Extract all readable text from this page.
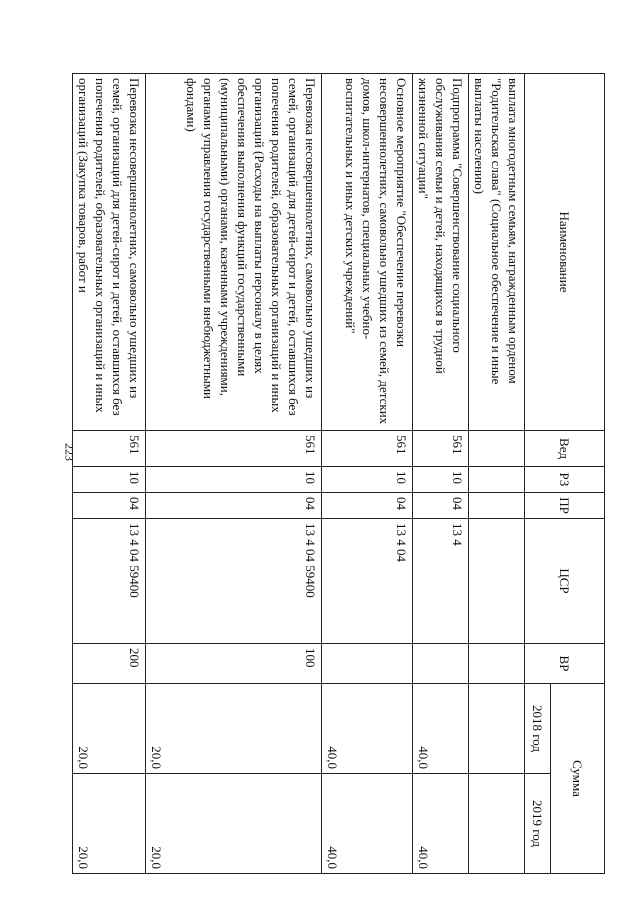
223
Наименование	Вед	РЗ	ПР	ЦСР	ВР	Сумма	
						2018 год	2019 год
выплата многодетным семьям, награжденным орденом "Родительская слава" (Социальное обеспечение и иные выплаты населению)							
Подпрограмма "Совершенствование социального обслуживания семьи и детей, находящихся в трудной жизненной ситуации"	561	10	04	13 4		40,0	40,0
Основное мероприятие "Обеспечение перевозки несовершеннолетних, самовольно ушедших из семей, детских домов, школ-интернатов, специальных учебно-воспитательных и иных детских учреждений"	561	10	04	13 4 04		40,0	40,0
Перевозка несовершеннолетних, самовольно ушедших из семей, организаций для детей-сирот и детей, оставшихся без попечения родителей, образовательных организаций и иных организаций (Расходы на выплаты персоналу в целях обеспечения выполнения функций государственными (муниципальными) органами, казенными учреждениями, органами управления государственными внебюджетными фондами)	561	10	04	13 4 04 59400	100	20,0	20,0
Перевозка несовершеннолетних, самовольно ушедших из семей, организаций для детей-сирот и детей, оставшихся без попечения родителей, образовательных организаций и иных организаций (Закупка товаров, работ и	561	10	04	13 4 04 59400	200	20,0	20,0
